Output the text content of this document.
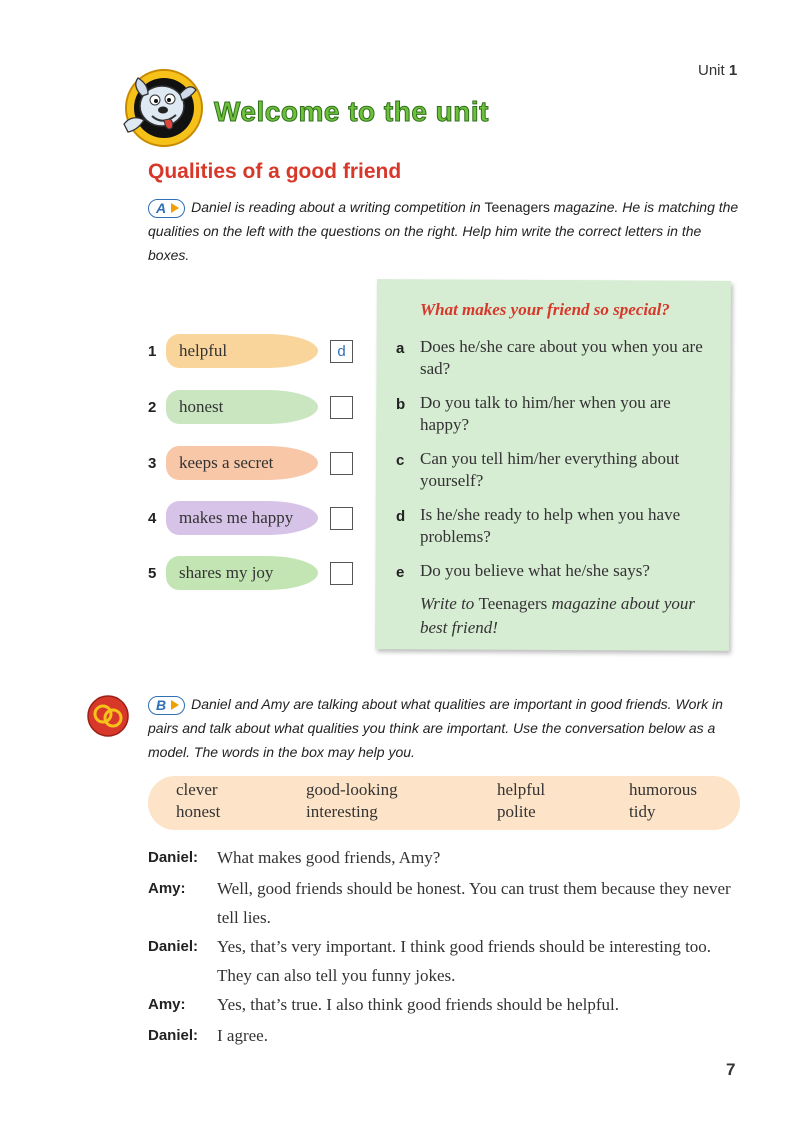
Unit 1
Welcome to the unit
Qualities of a good friend
A Daniel is reading about a writing competition in Teenagers magazine. He is matching the qualities on the left with the questions on the right. Help him write the correct letters in the boxes.
What makes your friend so special?
1	helpful	d
2	honest
3	keeps a secret
4	makes me happy
5	shares my joy
a Does he/she care about you when you are sad?
b Do you talk to him/her when you are happy?
c Can you tell him/her everything about yourself?
d Is he/she ready to help when you have problems?
e Do you believe what he/she says?
Write to Teenagers magazine about your best friend!
B Daniel and Amy are talking about what qualities are important in good friends. Work in pairs and talk about what qualities you think are important. Use the conversation below as a model. The words in the box may help you.
clever	good-looking	helpful	humorous
honest	interesting	polite	tidy
Daniel: What makes good friends, Amy?
Amy: Well, good friends should be honest. You can trust them because they never tell lies.
Daniel: Yes, that’s very important. I think good friends should be interesting too. They can also tell you funny jokes.
Amy: Yes, that’s true. I also think good friends should be helpful.
Daniel: I agree.
7
